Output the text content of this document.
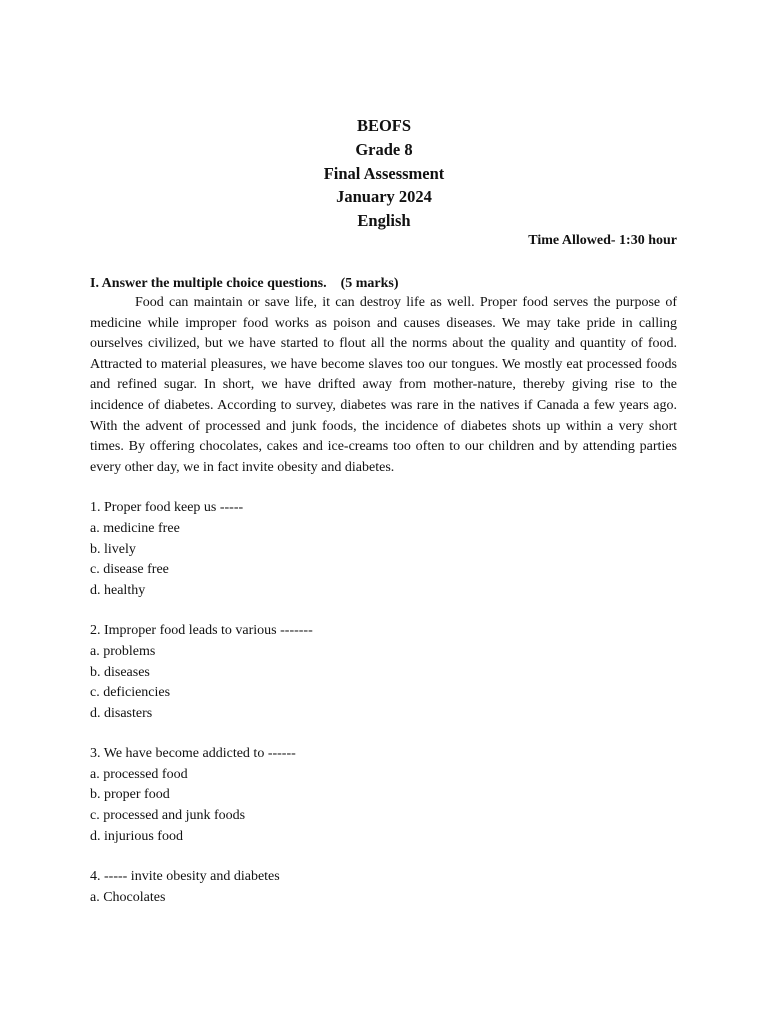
BEOFS
Grade 8
Final Assessment
January 2024
English
Time Allowed- 1:30 hour

I. Answer the multiple choice questions.    (5 marks)

Food can maintain or save life, it can destroy life as well. Proper food serves the purpose of medicine while improper food works as poison and causes diseases. We may take pride in calling ourselves civilized, but we have started to flout all the norms about the quality and quantity of food. Attracted to material pleasures, we have become slaves too our tongues. We mostly eat processed foods and refined sugar. In short, we have drifted away from mother-nature, thereby giving rise to the incidence of diabetes. According to survey, diabetes was rare in the natives if Canada a few years ago. With the advent of processed and junk foods, the incidence of diabetes shots up within a very short times. By offering chocolates, cakes and ice-creams too often to our children and by attending parties every other day, we in fact invite obesity and diabetes.

1. Proper food keep us -----

a. medicine free

b. lively

c. disease free

d. healthy

2. Improper food leads to various -------

a. problems

b. diseases

c. deficiencies

d. disasters

3. We have become addicted to ------

a. processed food

b. proper food

c. processed and junk foods

d. injurious food

4. ----- invite obesity and diabetes

a. Chocolates
